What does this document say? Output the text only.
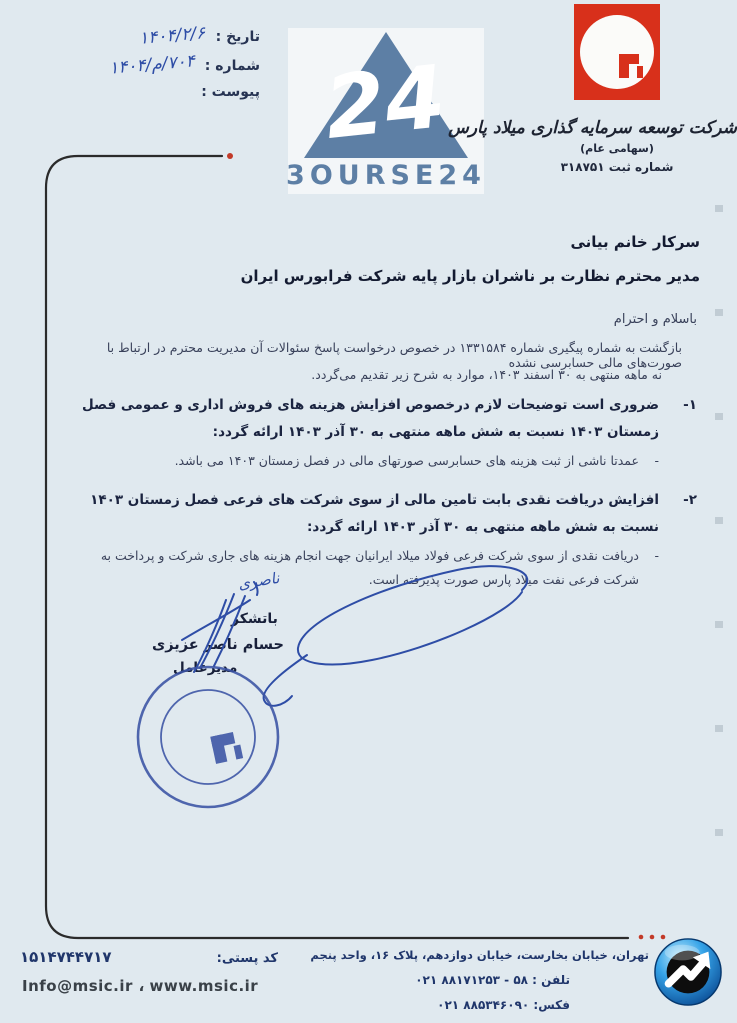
تاریخ :
۱۴۰۴/۲/۶
شماره :
۷۰۴/م/۱۴۰۴
پیوست : 24
3OURSE24
شرکت توسعه سرمایه گذاری میلاد پارس
(سهامی عام)
شماره ثبت ۳۱۸۷۵۱
سرکار خانم بیانی
مدیر محترم نظارت بر ناشران بازار پایه شرکت فرابورس ایران
باسلام و احترام
بازگشت به شماره پیگیری شماره ۱۳۳۱۵۸۴ در خصوص درخواست پاسخ سئوالات آن مدیریت محترم در ارتباط با صورت‌های مالی حسابرسی نشده
نه ماهه منتهی به ۳۰ اسفند ۱۴۰۳، موارد به شرح زیر تقدیم می‌گردد.
۱-
ضروری است توضیحات لازم درخصوص افزایش هزینه های فروش اداری و عمومی فصل زمستان ۱۴۰۳ نسبت به شش ماهه منتهی به ۳۰ آذر ۱۴۰۳ ارائه گردد:
-
عمدتا ناشی از ثبت هزینه های حسابرسی صورتهای مالی در فصل زمستان ۱۴۰۳ می باشد.
۲-
افزایش دریافت نقدی بابت تامین مالی از سوی شرکت های فرعی فصل زمستان ۱۴۰۳ نسبت به شش ماهه منتهی به ۳۰ آذر ۱۴۰۳ ارائه گردد:
-
دریافت نقدی از سوی شرکت فرعی فولاد میلاد ایرانیان جهت انجام هزینه های جاری شرکت و پرداخت به شرکت فرعی نفت میلاد پارس صورت پذیرفته است.
ناصری
باتشکر
حسام ناصر عزیزی
مدیرعامل
شرکت توسعه سرمایه گذاری میلاد پارس (سهامی عام)
کد پستی:
۱۵۱۴۷۴۴۷۱۷
Info@msic.ir ، www.msic.ir
تهران، خیابان بخارست، خیابان دوازدهم، پلاک ۱۶، واحد پنجم
تلفن : ۵۸ ‏- ۸۸۱۷۱۲۵۳ ‏۰۲۱
فکس: ۸۸۵۳۴۶۰۹۰ ‏۰۲۱
